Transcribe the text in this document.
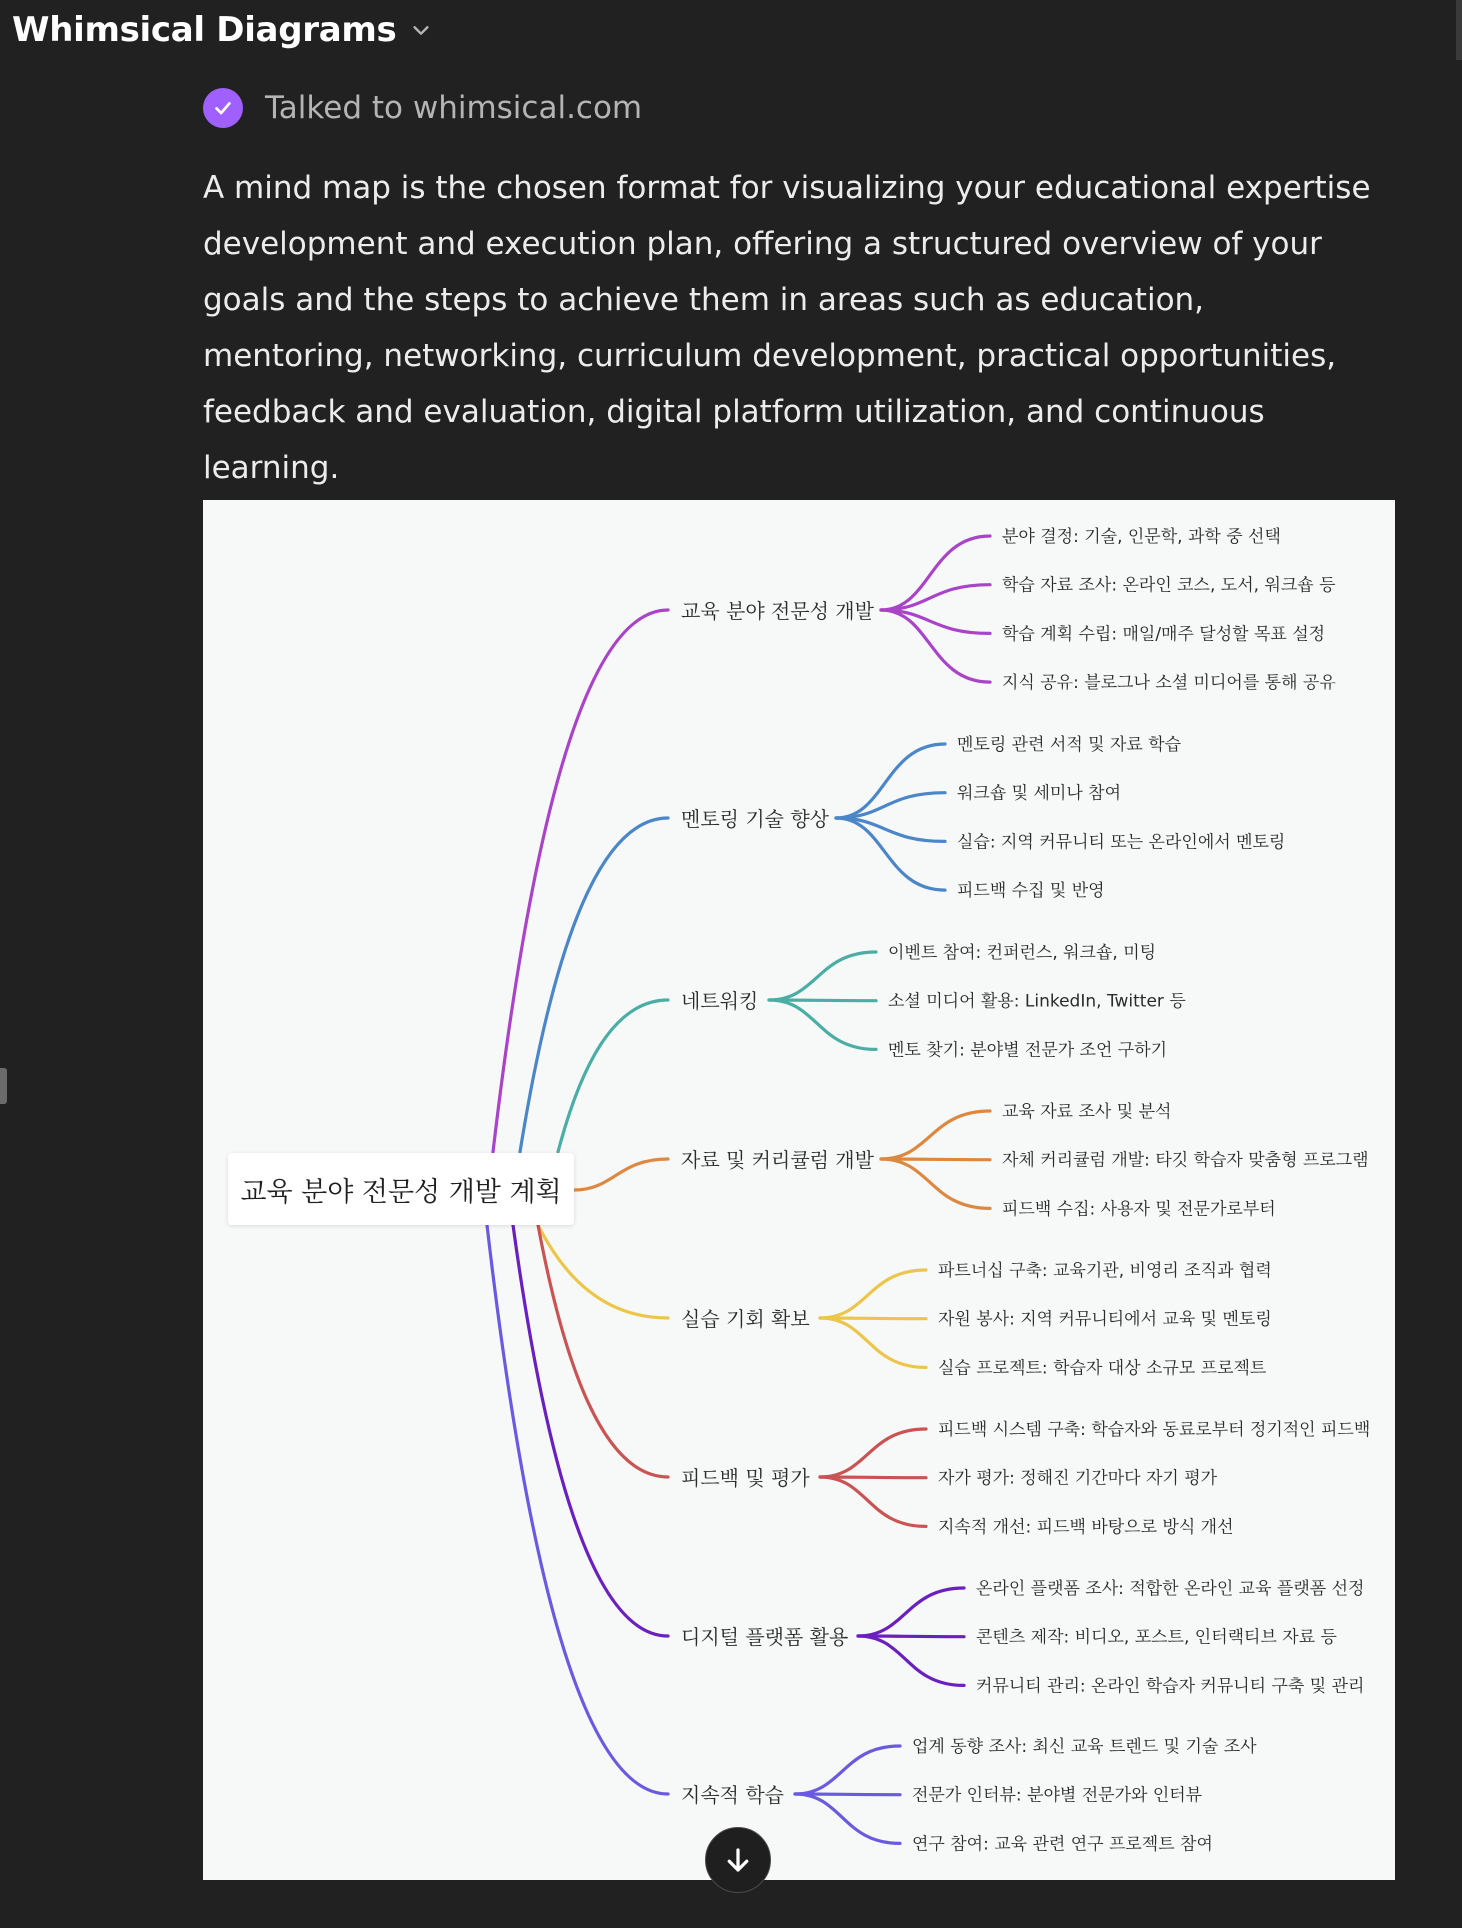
Whimsical Diagrams
Talked to whimsical.com

A mind map is the chosen format for visualizing your educational expertise development and execution plan, offering a structured overview of your goals and the steps to achieve them in areas such as education, mentoring, networking, curriculum development, practical opportunities, feedback and evaluation, digital platform utilization, and continuous learning.

교육 분야 전문성 개발
분야 결정: 기술, 인문학, 과학 중 선택
학습 자료 조사: 온라인 코스, 도서, 워크숍 등
학습 계획 수립: 매일/매주 달성할 목표 설정
지식 공유: 블로그나 소셜 미디어를 통해 공유
멘토링 기술 향상
멘토링 관련 서적 및 자료 학습
워크숍 및 세미나 참여
실습: 지역 커뮤니티 또는 온라인에서 멘토링
피드백 수집 및 반영
네트워킹
이벤트 참여: 컨퍼런스, 워크숍, 미팅
소셜 미디어 활용: LinkedIn, Twitter 등
멘토 찾기: 분야별 전문가 조언 구하기
자료 및 커리큘럼 개발
교육 자료 조사 및 분석
자체 커리큘럼 개발: 타깃 학습자 맞춤형 프로그램
피드백 수집: 사용자 및 전문가로부터
실습 기회 확보
파트너십 구축: 교육기관, 비영리 조직과 협력
자원 봉사: 지역 커뮤니티에서 교육 및 멘토링
실습 프로젝트: 학습자 대상 소규모 프로젝트
피드백 및 평가
피드백 시스템 구축: 학습자와 동료로부터 정기적인 피드백
자가 평가: 정해진 기간마다 자기 평가
지속적 개선: 피드백 바탕으로 방식 개선
디지털 플랫폼 활용
온라인 플랫폼 조사: 적합한 온라인 교육 플랫폼 선정
콘텐츠 제작: 비디오, 포스트, 인터랙티브 자료 등
커뮤니티 관리: 온라인 학습자 커뮤니티 구축 및 관리
지속적 학습
업계 동향 조사: 최신 교육 트렌드 및 기술 조사
전문가 인터뷰: 분야별 전문가와 인터뷰
연구 참여: 교육 관련 연구 프로젝트 참여
교육 분야 전문성 개발 계획
